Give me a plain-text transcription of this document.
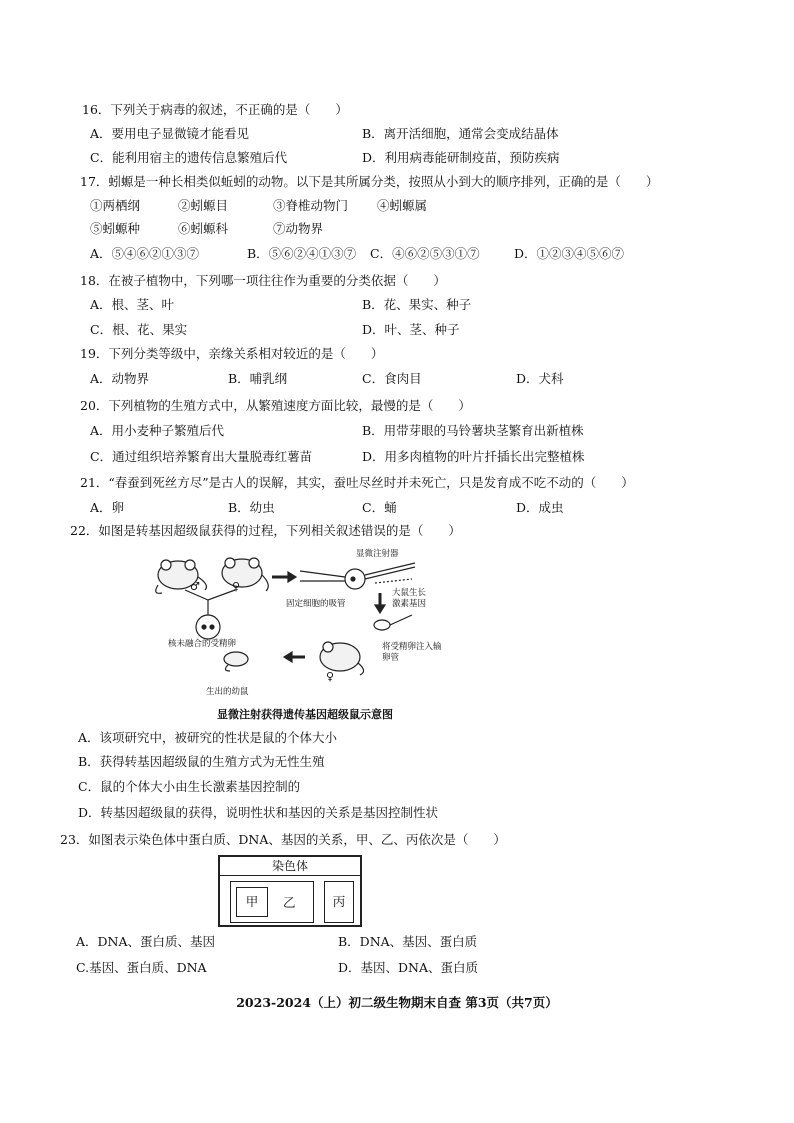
16．下列关于病毒的叙述，不正确的是（　　）
A．要用电子显微镜才能看见	B．离开活细胞，通常会变成结晶体
C．能利用宿主的遗传信息繁殖后代	D．利用病毒能研制疫苗，预防疾病
17．蚓螈是一种长相类似蚯蚓的动物。以下是其所属分类，按照从小到大的顺序排列，正确的是（　　）
①两栖纲	②蚓螈目	③脊椎动物门 ④蚓螈属
⑤蚓螈种	⑥蚓螈科	⑦动物界
A．⑤④⑥②①③⑦	B．⑤⑥②④①③⑦ C．④⑥②⑤③①⑦	D．①②③④⑤⑥⑦
18．在被子植物中，下列哪一项往往作为重要的分类依据（　　）
A．根、茎、叶	B．花、果实、种子
C．根、花、果实	D．叶、茎、种子
19．下列分类等级中，亲缘关系相对较近的是（　　）
A．动物界	B．哺乳纲	C．食肉目	D．犬科
20．下列植物的生殖方式中，从繁殖速度方面比较，最慢的是（　　）
A．用小麦种子繁殖后代	B．用带芽眼的马铃薯块茎繁育出新植株
C．通过组织培养繁育出大量脱毒红薯苗	D．用多肉植物的叶片扦插长出完整植株
21．“春蚕到死丝方尽”是古人的误解，其实，蚕吐尽丝时并未死亡，只是发育成不吃不动的（　　）
A．卵	B．幼虫	C．蛹	D．成虫
22．如图是转基因超级鼠获得的过程，下列相关叙述错误的是（　　）
显微注射器
固定细胞的吸管
大鼠生长激素基因
核未融合的受精卵	将受精卵注入输卵管
生出的幼鼠
♂	♀
♀
显微注射获得遗传基因超级鼠示意图
A．该项研究中，被研究的性状是鼠的个体大小
B．获得转基因超级鼠的生殖方式为无性生殖
C．鼠的个体大小由生长激素基因控制的
D．转基因超级鼠的获得，说明性状和基因的关系是基因控制性状
23．如图表示染色体中蛋白质、DNA、基因的关系，甲、乙、丙依次是（　　）
染色体
甲	乙	丙
A．DNA、蛋白质、基因	B．DNA、基因、蛋白质
C.基因、蛋白质、DNA	D．基因、DNA、蛋白质
2023-2024（上）初二级生物期末自查 第3页（共7页）
